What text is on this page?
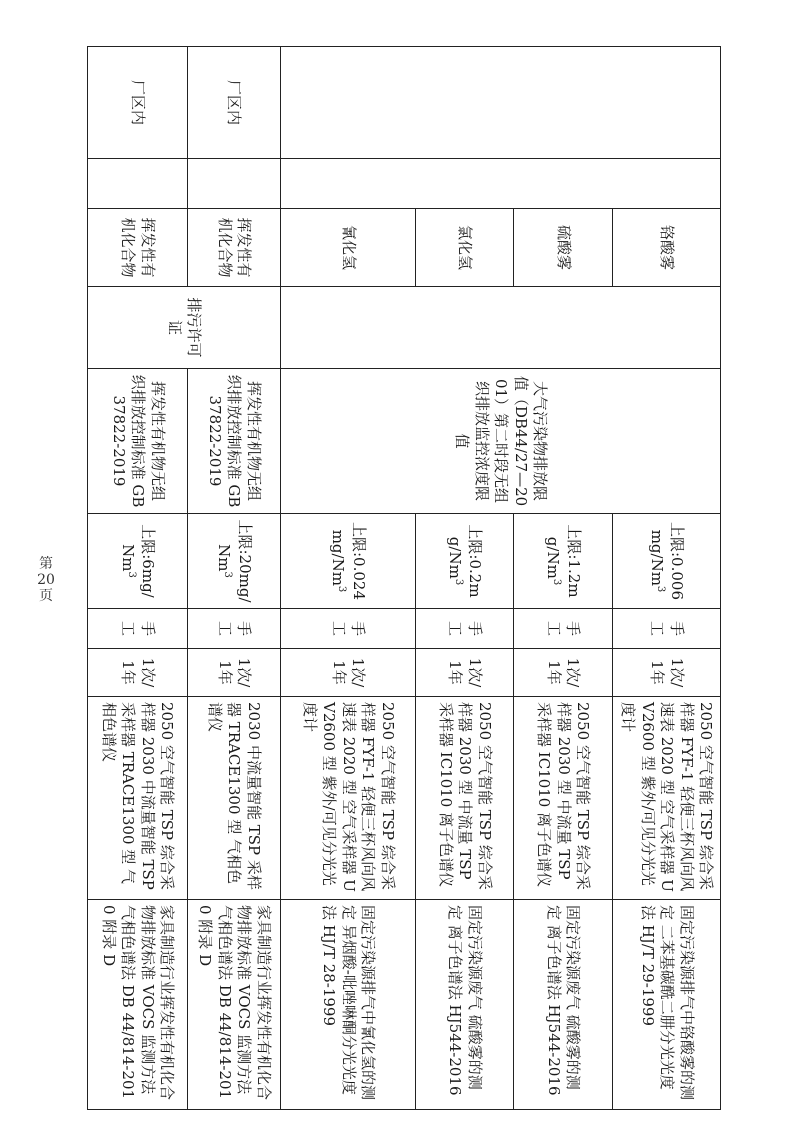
		铬酸雾		大气污染物排放限值（DB44/27—2001）第二时段无组织排放监控浓度限值	上限:0.006mg/Nm$^3$	手工	1次/1年	2050 空气智能 TSP 综合采样器 FYF-1 轻便三杯风向风速表 2020 型 空气采样器 UV2600 型 紫外/可见分光光度计	固定污染源排气中铬酸雾的测定 二苯基碳酰二肼分光光度法 HJ/T 29-1999
		硫酸雾			上限:1.2mg/Nm$^3$	手工	1次/1年	2050 空气智能 TSP 综合采样器 2030 型 中流量 TSP 采样器 IC1010 离子色谱仪	固定污染源废气 硫酸雾的测定 离子色谱法 HJ544-2016
		氯化氢			上限:0.2mg/Nm$^3$	手工	1次/1年	2050 空气智能 TSP 综合采样器 2030 型 中流量 TSP 采样器 IC1010 离子色谱仪	固定污染源废气 硫酸雾的测定 离子色谱法 HJ544-2016
		氰化氢			上限:0.024mg/Nm$^3$	手工	1次/1年	2050 空气智能 TSP 综合采样器 FYF-1 轻便三杯风向风速表 2020 型 空气采样器 UV2600 型 紫外/可见分光光度计	固定污染源排气中氰化氢的测定 异烟酸-吡唑啉酮分光光度法 HJ/T 28-1999
厂区内		挥发性有机化合物	排污许可证	挥发性有机物无组织排放控制标准 GB 37822-2019	上限:20mg/Nm$^3$	手工	1次/1年	2030 中流量智能 TSP 采样器 TRACE1300 型 气相色谱仪	家具制造行业挥发性有机化合物排放标准 VOCS 监测方法 气相色谱法 DB 44/814-2010 附录 D
厂区内		挥发性有机化合物		挥发性有机物无组织排放控制标准 GB 37822-2019	上限:6mg/Nm$^3$	手工	1次/1年	2050 空气智能 TSP 综合采样器 2030 中流量智能 TSP 采样器 TRACE1300 型 气相色谱仪	家具制造行业挥发性有机化合物排放标准 VOCS 监测方法 气相色谱法 DB 44/814-2010 附录 D
第 20 页
